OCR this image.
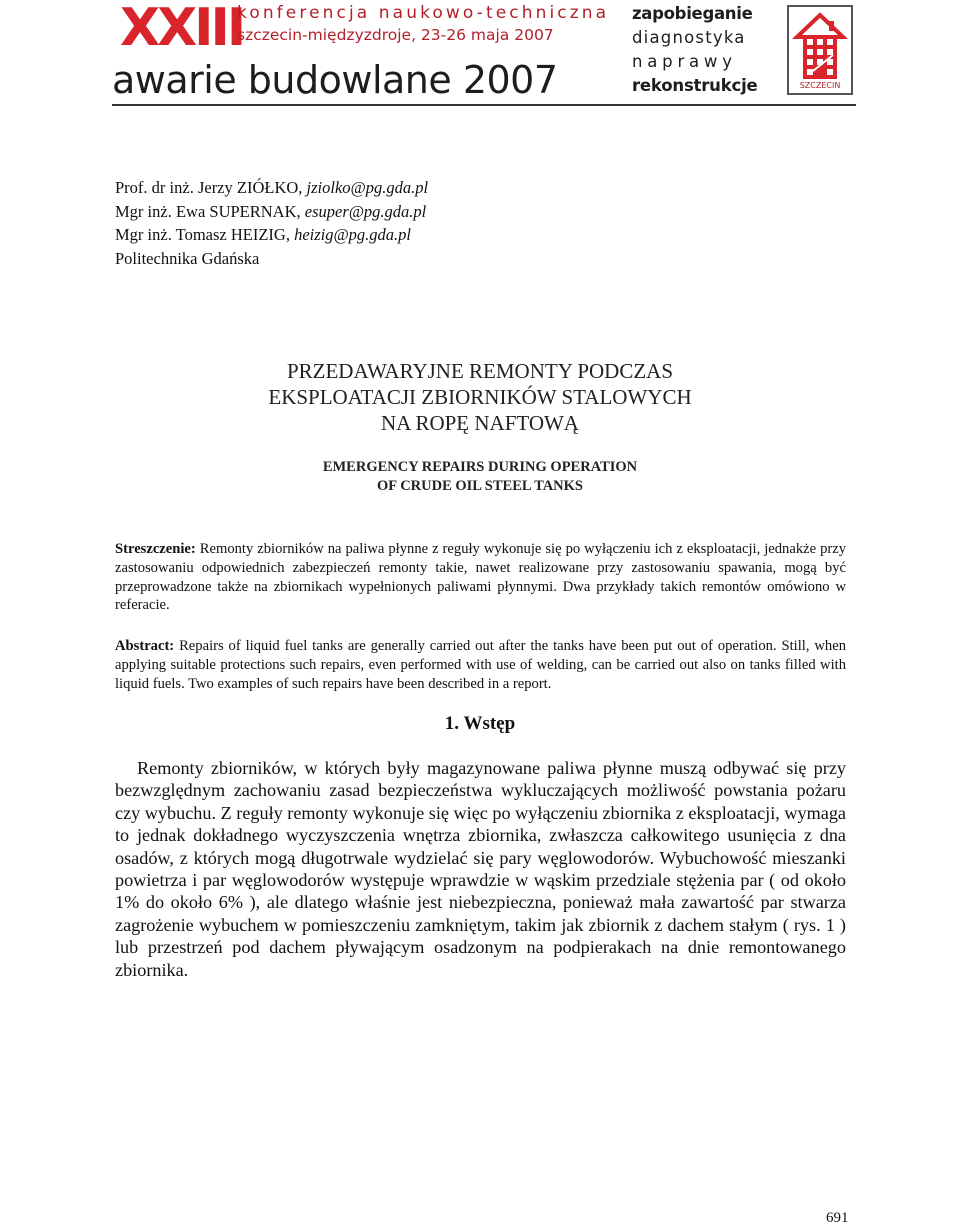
XXIII
konferencja naukowo-techniczna
szczecin-międzyzdroje, 23-26 maja 2007
awarie budowlane 2007
zapobieganie
diagnostyka
naprawy
rekonstrukcje	SZCZECIN
Prof. dr inż. Jerzy ZIÓŁKO, jziolko@pg.gda.pl
Mgr inż. Ewa SUPERNAK, esuper@pg.gda.pl
Mgr inż. Tomasz HEIZIG, heizig@pg.gda.pl
Politechnika Gdańska
PRZEDAWARYJNE REMONTY PODCZAS
EKSPLOATACJI ZBIORNIKÓW STALOWYCH
NA ROPĘ NAFTOWĄ
EMERGENCY REPAIRS DURING OPERATION
OF CRUDE OIL STEEL TANKS
Streszczenie: Remonty zbiorników na paliwa płynne z reguły wykonuje się po wyłączeniu ich z eksploatacji, jednakże przy zastosowaniu odpowiednich zabezpieczeń remonty takie, nawet realizowane przy zastosowaniu spawania, mogą być przeprowadzone także na zbiornikach wypełnionych paliwami płynnymi. Dwa przykłady takich remontów omówiono w referacie.
Abstract: Repairs of liquid fuel tanks are generally carried out after the tanks have been put out of operation. Still, when applying suitable protections such repairs, even performed with use of welding, can be carried out also on tanks filled with liquid fuels. Two examples of such repairs have been described in a report.
1. Wstęp
Remonty zbiorników, w których były magazynowane paliwa płynne muszą odbywać się przy bezwzględnym zachowaniu zasad bezpieczeństwa wykluczających możliwość powstania pożaru czy wybuchu. Z reguły remonty wykonuje się więc po wyłączeniu zbiornika z eksploatacji, wymaga to jednak dokładnego wyczyszczenia wnętrza zbiornika, zwłaszcza całkowitego usunięcia z dna osadów, z których mogą długotrwale wydzielać się pary węglowodorów. Wybuchowość mieszanki powietrza i par węglowodorów występuje wprawdzie w wąskim przedziale stężenia par ( od około 1% do około 6% ), ale dlatego właśnie jest niebezpieczna, ponieważ mała zawartość par stwarza zagrożenie wybuchem w pomieszczeniu zamkniętym, takim jak zbiornik z dachem stałym ( rys. 1 ) lub przestrzeń pod dachem pływającym osadzonym na podpierakach na dnie remontowanego zbiornika.
691
